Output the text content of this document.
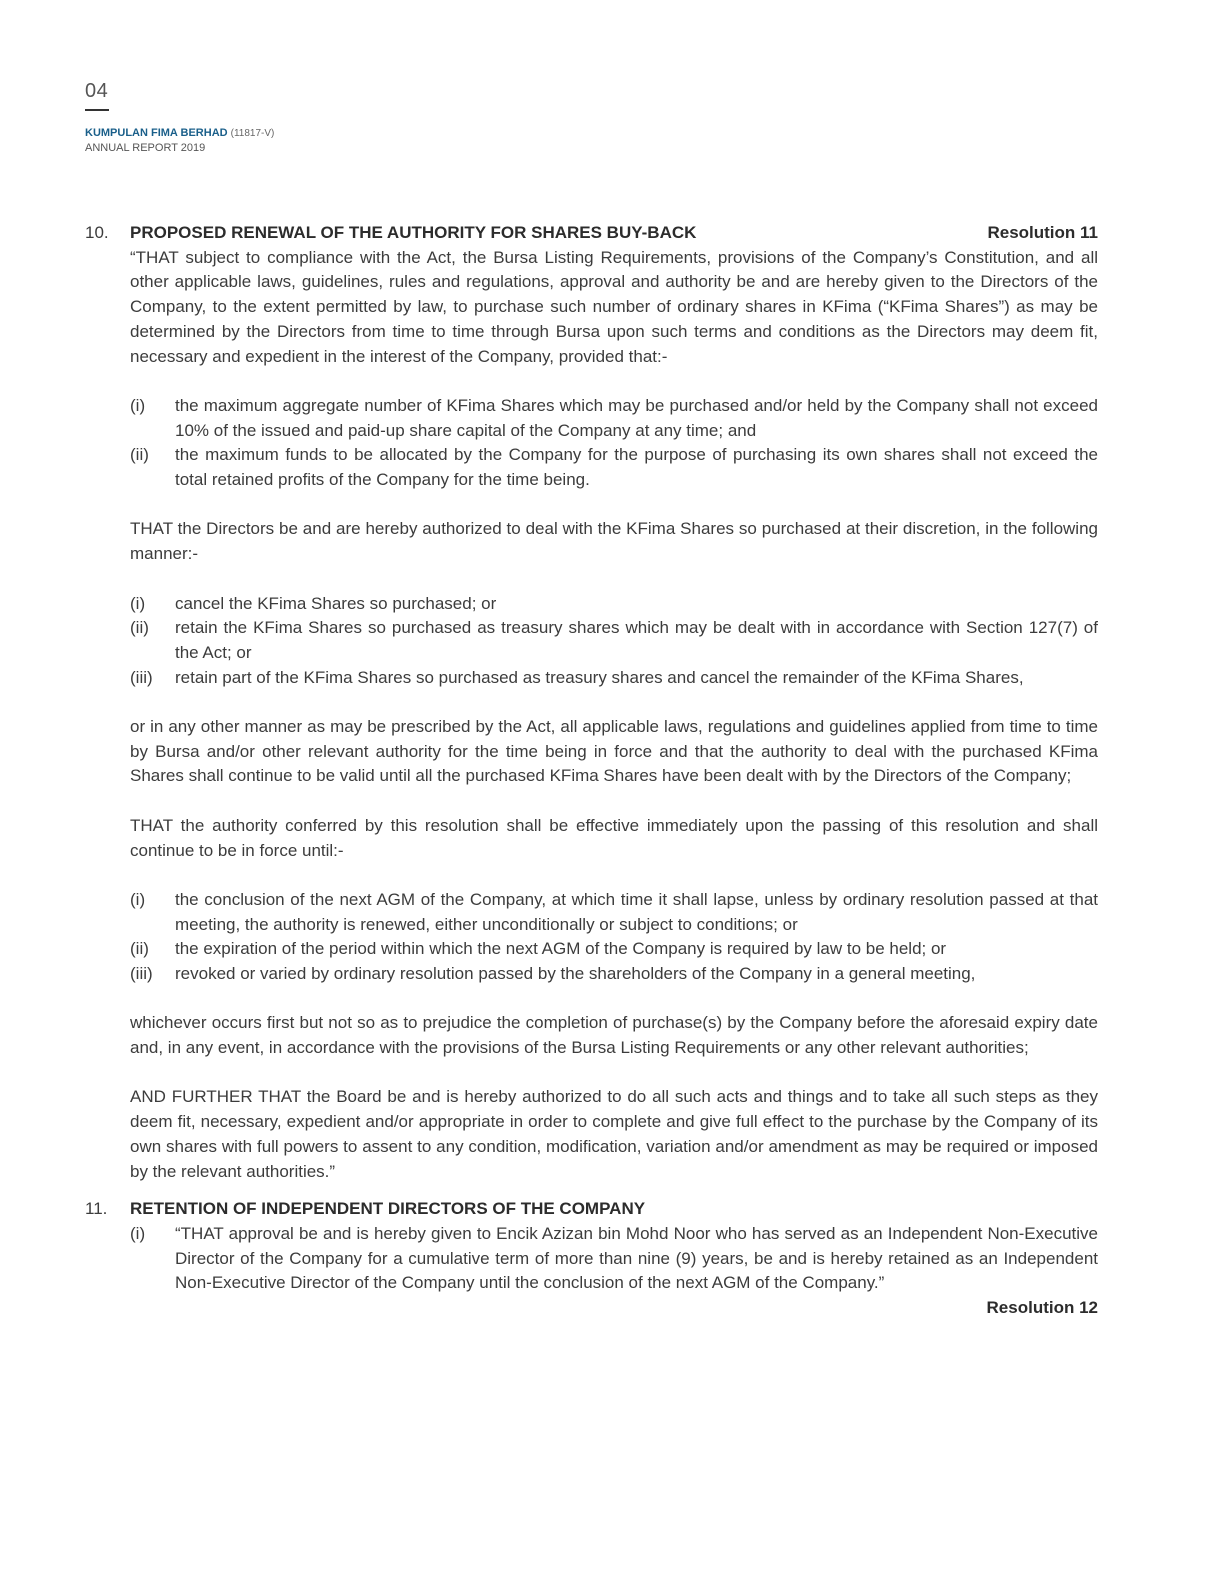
04
KUMPULAN FIMA BERHAD (11817-V)
ANNUAL REPORT 2019
10.	PROPOSED RENEWAL OF THE AUTHORITY FOR SHARES BUY-BACK	Resolution 11

“THAT subject to compliance with the Act, the Bursa Listing Requirements, provisions of the Company’s Constitution, and all other applicable laws, guidelines, rules and regulations, approval and authority be and are hereby given to the Directors of the Company, to the extent permitted by law, to purchase such number of ordinary shares in KFima (“KFima Shares”) as may be determined by the Directors from time to time through Bursa upon such terms and conditions as the Directors may deem fit, necessary and expedient in the interest of the Company, provided that:-

(i)	the maximum aggregate number of KFima Shares which may be purchased and/or held by the Company shall not exceed 10% of the issued and paid-up share capital of the Company at any time; and
(ii)	the maximum funds to be allocated by the Company for the purpose of purchasing its own shares shall not exceed the total retained profits of the Company for the time being.

THAT the Directors be and are hereby authorized to deal with the KFima Shares so purchased at their discretion, in the following manner:-

(i)	cancel the KFima Shares so purchased; or
(ii)	retain the KFima Shares so purchased as treasury shares which may be dealt with in accordance with Section 127(7) of the Act; or
(iii)	retain part of the KFima Shares so purchased as treasury shares and cancel the remainder of the KFima Shares,

or in any other manner as may be prescribed by the Act, all applicable laws, regulations and guidelines applied from time to time by Bursa and/or other relevant authority for the time being in force and that the authority to deal with the purchased KFima Shares shall continue to be valid until all the purchased KFima Shares have been dealt with by the Directors of the Company;

THAT the authority conferred by this resolution shall be effective immediately upon the passing of this resolution and shall continue to be in force until:-

(i)	the conclusion of the next AGM of the Company, at which time it shall lapse, unless by ordinary resolution passed at that meeting, the authority is renewed, either unconditionally or subject to conditions; or
(ii)	the expiration of the period within which the next AGM of the Company is required by law to be held; or
(iii)	revoked or varied by ordinary resolution passed by the shareholders of the Company in a general meeting,

whichever occurs first but not so as to prejudice the completion of purchase(s) by the Company before the aforesaid expiry date and, in any event, in accordance with the provisions of the Bursa Listing Requirements or any other relevant authorities;

AND FURTHER THAT the Board be and is hereby authorized to do all such acts and things and to take all such steps as they deem fit, necessary, expedient and/or appropriate in order to complete and give full effect to the purchase by the Company of its own shares with full powers to assent to any condition, modification, variation and/or amendment as may be required or imposed by the relevant authorities.”

11.	RETENTION OF INDEPENDENT DIRECTORS OF THE COMPANY
(i)	“THAT approval be and is hereby given to Encik Azizan bin Mohd Noor who has served as an Independent Non-Executive Director of the Company for a cumulative term of more than nine (9) years, be and is hereby retained as an Independent Non-Executive Director of the Company until the conclusion of the next AGM of the Company.”
Resolution 12
